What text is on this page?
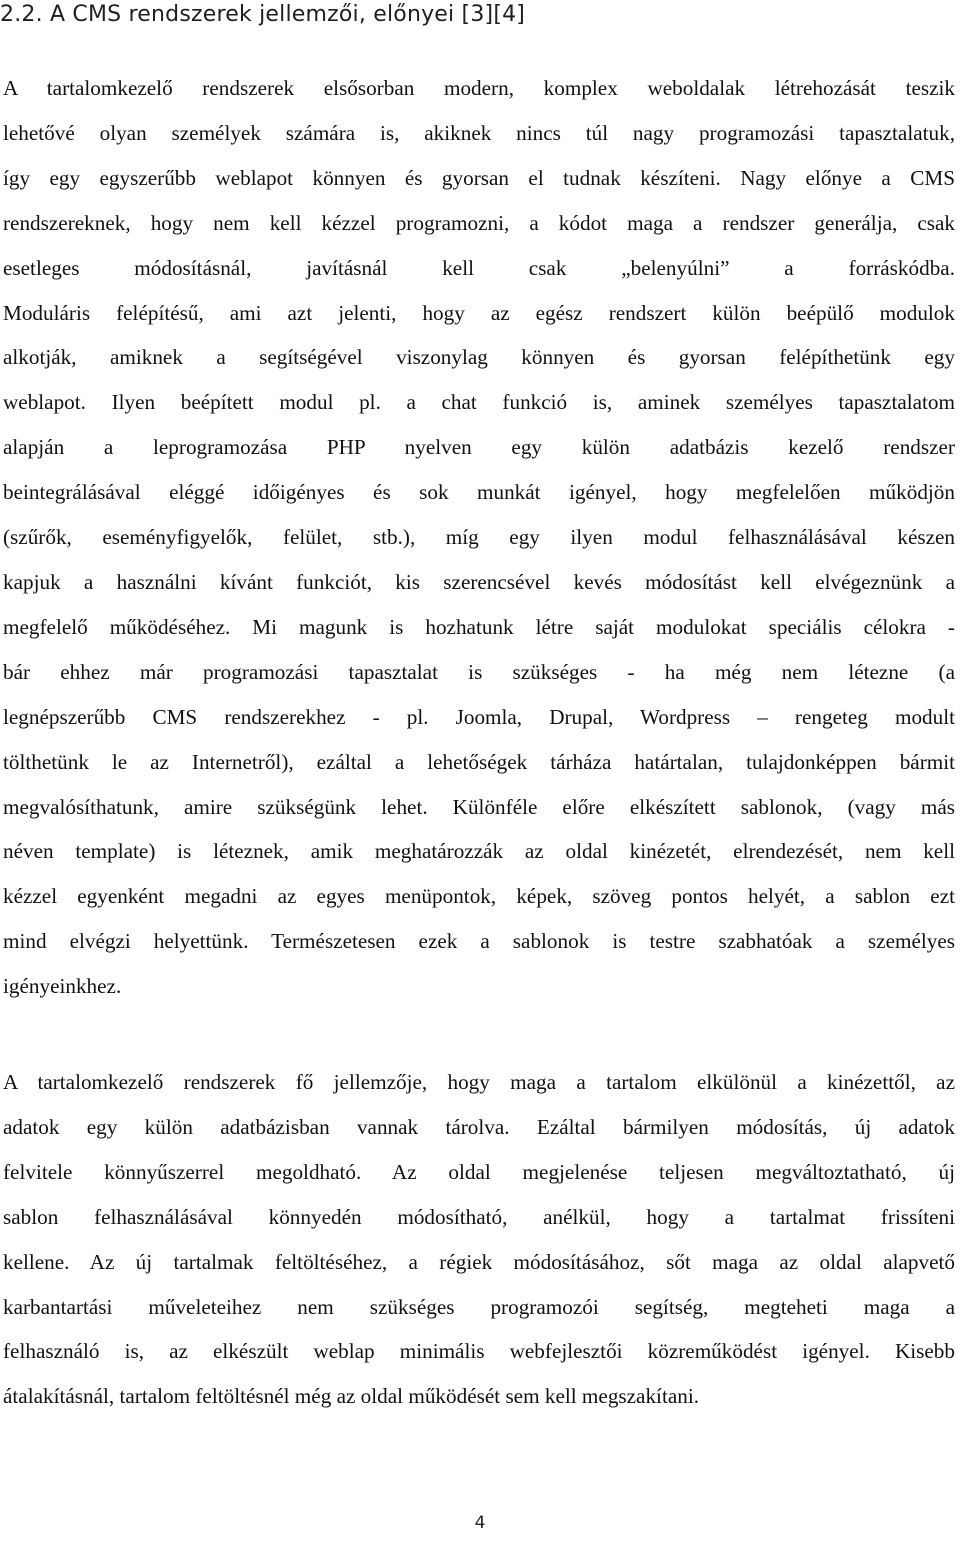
2.2. A CMS rendszerek jellemzői, előnyei [3][4]
A tartalomkezelő rendszerek elsősorban modern, komplex weboldalak létrehozását teszik
lehetővé olyan személyek számára is, akiknek nincs túl nagy programozási tapasztalatuk,
így egy egyszerűbb weblapot könnyen és gyorsan el tudnak készíteni. Nagy előnye a CMS
rendszereknek, hogy nem kell kézzel programozni, a kódot maga a rendszer generálja, csak
esetleges módosításnál, javításnál kell csak „belenyúlni” a forráskódba.
Moduláris felépítésű, ami azt jelenti, hogy az egész rendszert külön beépülő modulok
alkotják, amiknek a segítségével viszonylag könnyen és gyorsan felépíthetünk egy
weblapot. Ilyen beépített modul pl. a chat funkció is, aminek személyes tapasztalatom
alapján a leprogramozása PHP nyelven egy külön adatbázis kezelő rendszer
beintegrálásával eléggé időigényes és sok munkát igényel, hogy megfelelően működjön
(szűrők, eseményfigyelők, felület, stb.), míg egy ilyen modul felhasználásával készen
kapjuk a használni kívánt funkciót, kis szerencsével kevés módosítást kell elvégeznünk a
megfelelő működéséhez. Mi magunk is hozhatunk létre saját modulokat speciális célokra -
bár ehhez már programozási tapasztalat is szükséges - ha még nem létezne (a
legnépszerűbb CMS rendszerekhez - pl. Joomla, Drupal, Wordpress – rengeteg modult
tölthetünk le az Internetről), ezáltal a lehetőségek tárháza határtalan, tulajdonképpen bármit
megvalósíthatunk, amire szükségünk lehet. Különféle előre elkészített sablonok, (vagy más
néven template) is léteznek, amik meghatározzák az oldal kinézetét, elrendezését, nem kell
kézzel egyenként megadni az egyes menüpontok, képek, szöveg pontos helyét, a sablon ezt
mind elvégzi helyettünk. Természetesen ezek a sablonok is testre szabhatóak a személyes
igényeinkhez.
A tartalomkezelő rendszerek fő jellemzője, hogy maga a tartalom elkülönül a kinézettől, az
adatok egy külön adatbázisban vannak tárolva. Ezáltal bármilyen módosítás, új adatok
felvitele könnyűszerrel megoldható. Az oldal megjelenése teljesen megváltoztatható, új
sablon felhasználásával könnyedén módosítható, anélkül, hogy a tartalmat frissíteni
kellene. Az új tartalmak feltöltéséhez, a régiek módosításához, sőt maga az oldal alapvető
karbantartási műveleteihez nem szükséges programozói segítség, megteheti maga a
felhasználó is, az elkészült weblap minimális webfejlesztői közreműködést igényel. Kisebb
átalakításnál, tartalom feltöltésnél még az oldal működését sem kell megszakítani.
4
